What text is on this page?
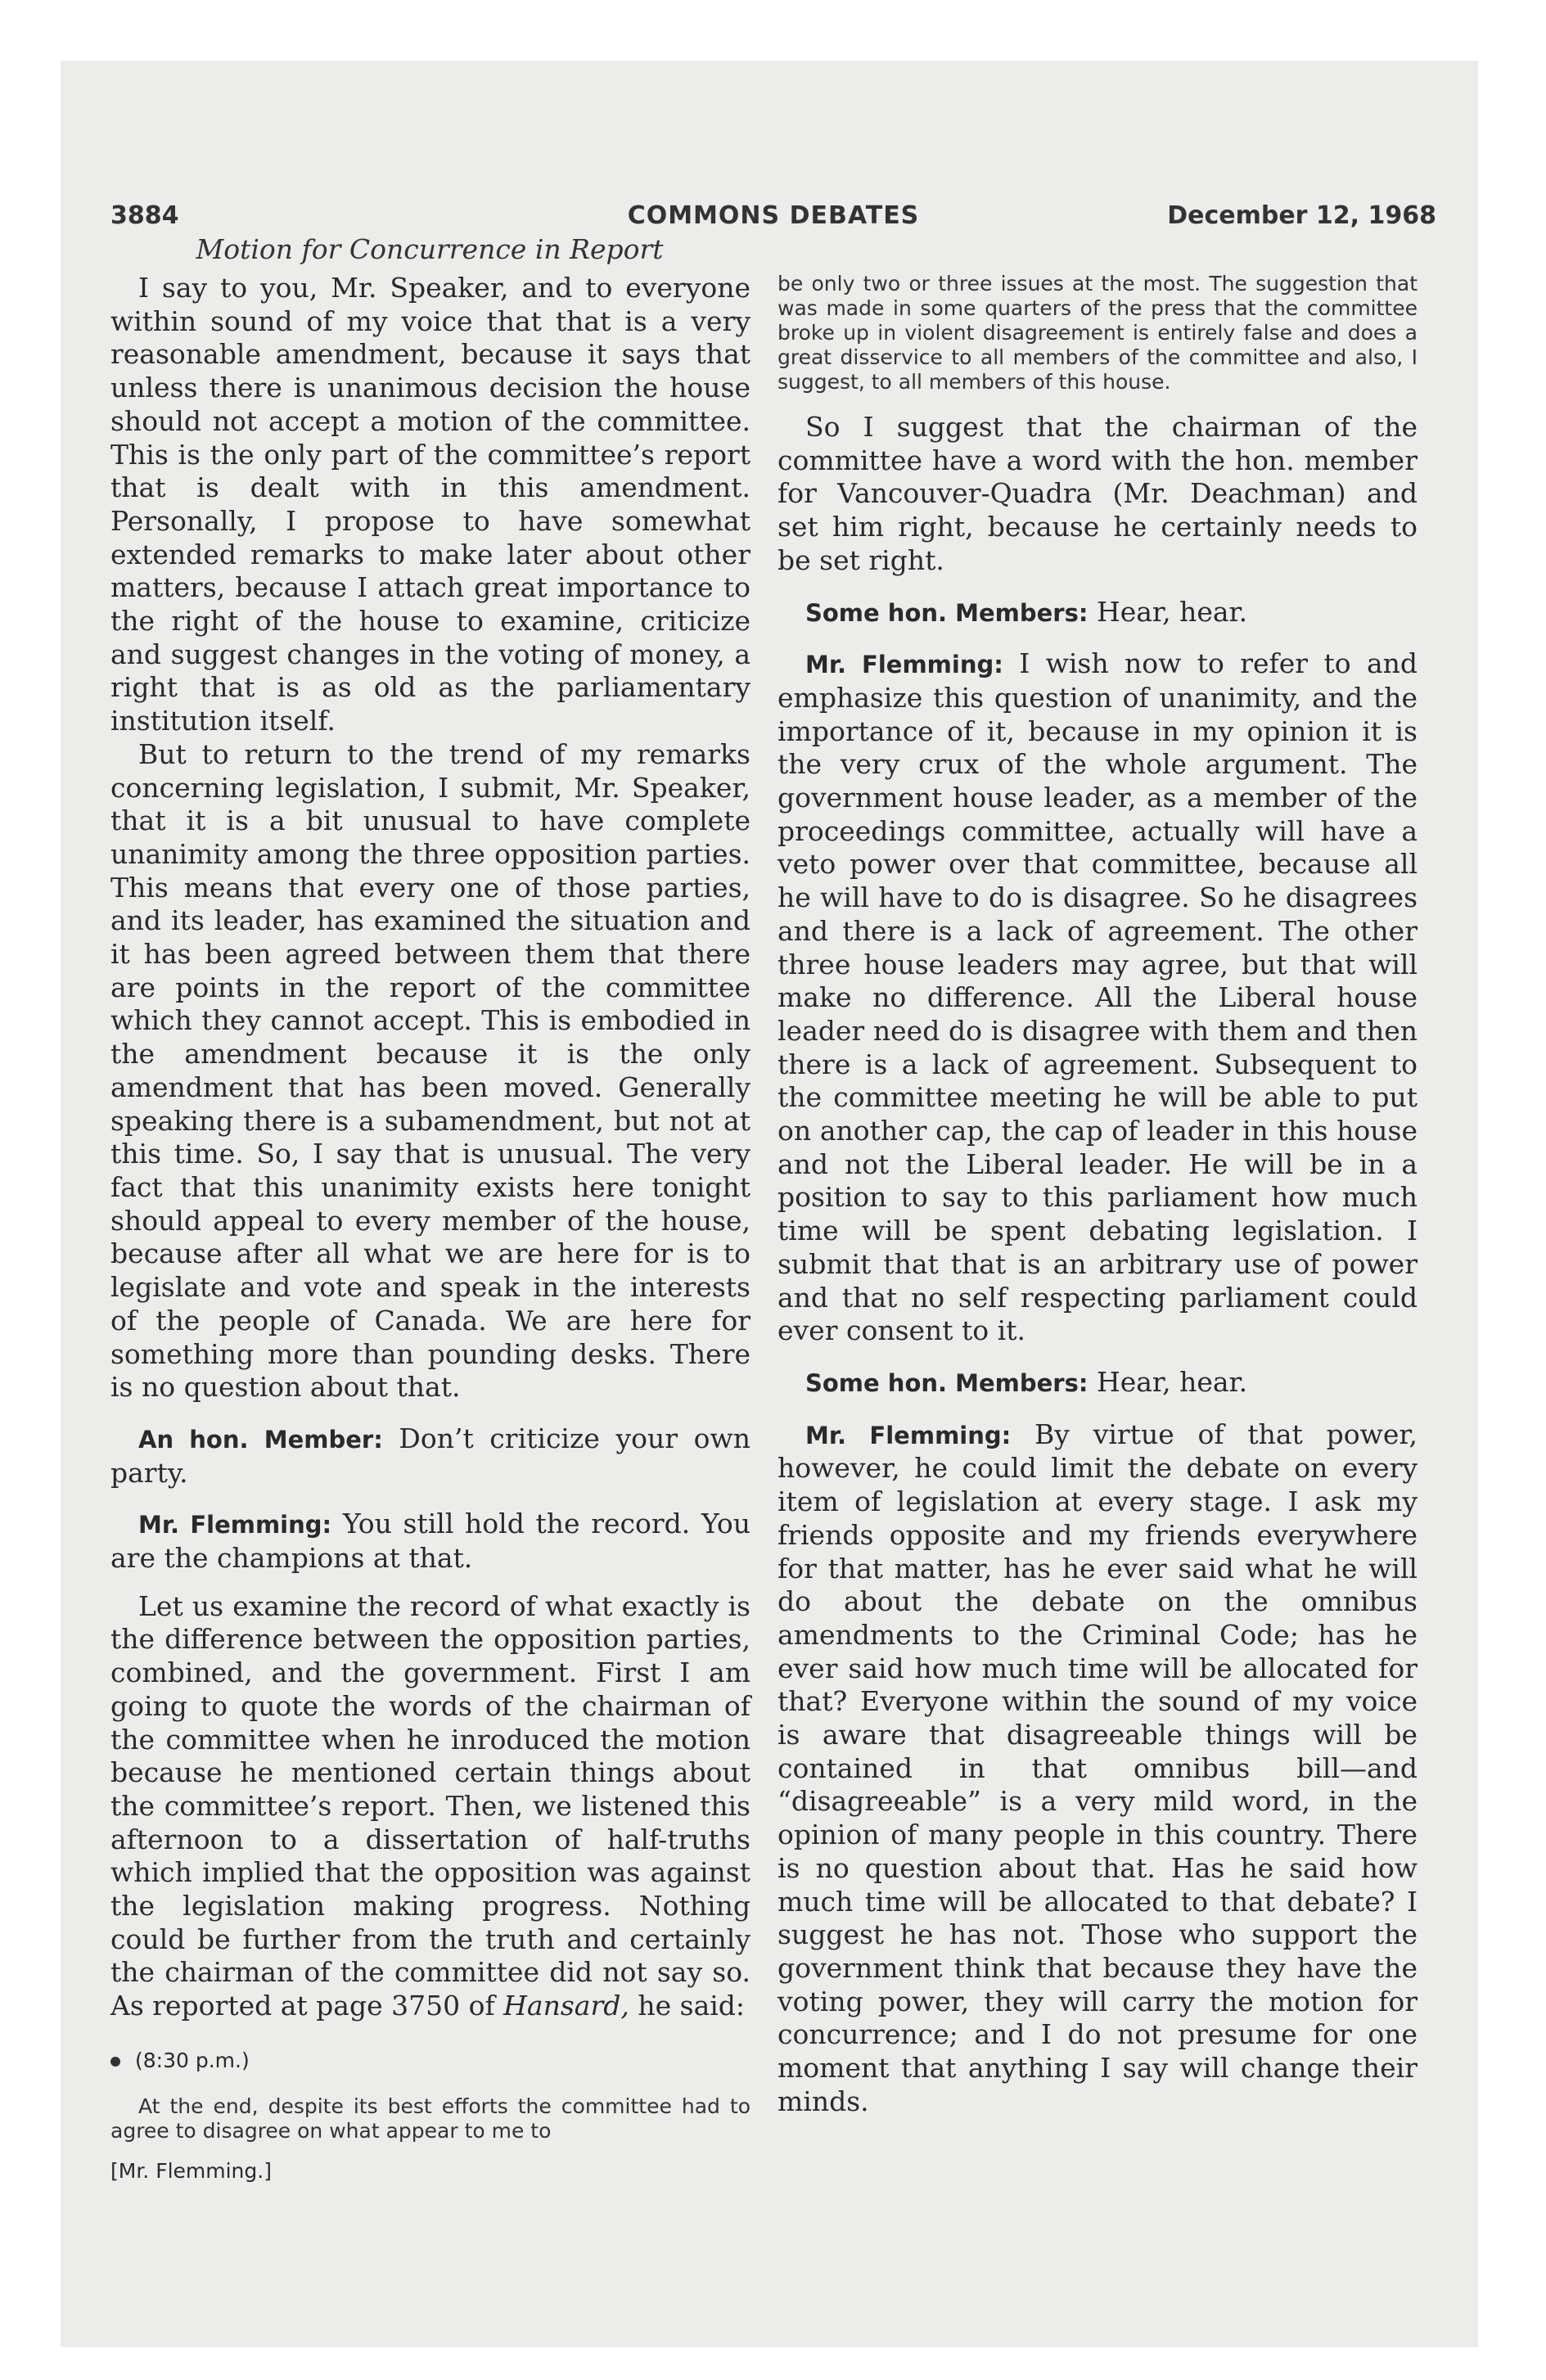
3884	COMMONS DEBATES	December 12, 1968
Motion for Concurrence in Report

I say to you, Mr. Speaker, and to everyone within sound of my voice that that is a very reasonable amendment, because it says that unless there is unanimous decision the house should not accept a motion of the committee. This is the only part of the committee’s report that is dealt with in this amendment. Personally, I propose to have somewhat extended remarks to make later about other matters, because I attach great importance to the right of the house to examine, criticize and suggest changes in the voting of money, a right that is as old as the parliamentary institution itself.

But to return to the trend of my remarks concerning legislation, I submit, Mr. Speaker, that it is a bit unusual to have complete unanimity among the three opposition parties. This means that every one of those parties, and its leader, has examined the situation and it has been agreed between them that there are points in the report of the committee which they cannot accept. This is embodied in the amendment because it is the only amendment that has been moved. Generally speaking there is a subamendment, but not at this time. So, I say that is unusual. The very fact that this unanimity exists here tonight should appeal to every member of the house, because after all what we are here for is to legislate and vote and speak in the interests of the people of Canada. We are here for something more than pounding desks. There is no question about that.

An hon. Member: Don’t criticize your own party.

Mr. Flemming: You still hold the record. You are the champions at that.

Let us examine the record of what exactly is the difference between the opposition parties, combined, and the government. First I am going to quote the words of the chairman of the committee when he inroduced the motion because he mentioned certain things about the committee’s report. Then, we listened this afternoon to a dissertation of half-truths which implied that the opposition was against the legislation making progress. Nothing could be further from the truth and certainly the chairman of the committee did not say so. As reported at page 3750 of Hansard, he said:

(8:30 p.m.)
At the end, despite its best efforts the committee had to agree to disagree on what appear to me to
[Mr. Flemming.]
be only two or three issues at the most. The suggestion that was made in some quarters of the press that the committee broke up in violent disagreement is entirely false and does a great disservice to all members of the committee and also, I suggest, to all members of this house.

So I suggest that the chairman of the committee have a word with the hon. member for Vancouver-Quadra (Mr. Deachman) and set him right, because he certainly needs to be set right.

Some hon. Members: Hear, hear.

Mr. Flemming: I wish now to refer to and emphasize this question of unanimity, and the importance of it, because in my opinion it is the very crux of the whole argument. The government house leader, as a member of the proceedings committee, actually will have a veto power over that committee, because all he will have to do is disagree. So he disagrees and there is a lack of agreement. The other three house leaders may agree, but that will make no difference. All the Liberal house leader need do is disagree with them and then there is a lack of agreement. Subsequent to the committee meeting he will be able to put on another cap, the cap of leader in this house and not the Liberal leader. He will be in a position to say to this parliament how much time will be spent debating legislation. I submit that that is an arbitrary use of power and that no self respecting parliament could ever consent to it.

Some hon. Members: Hear, hear.

Mr. Flemming: By virtue of that power, however, he could limit the debate on every item of legislation at every stage. I ask my friends opposite and my friends everywhere for that matter, has he ever said what he will do about the debate on the omnibus amendments to the Criminal Code; has he ever said how much time will be allocated for that? Everyone within the sound of my voice is aware that disagreeable things will be contained in that omnibus bill—and “disagreeable” is a very mild word, in the opinion of many people in this country. There is no question about that. Has he said how much time will be allocated to that debate? I suggest he has not. Those who support the government think that because they have the voting power, they will carry the motion for concurrence; and I do not presume for one moment that anything I say will change their minds.
